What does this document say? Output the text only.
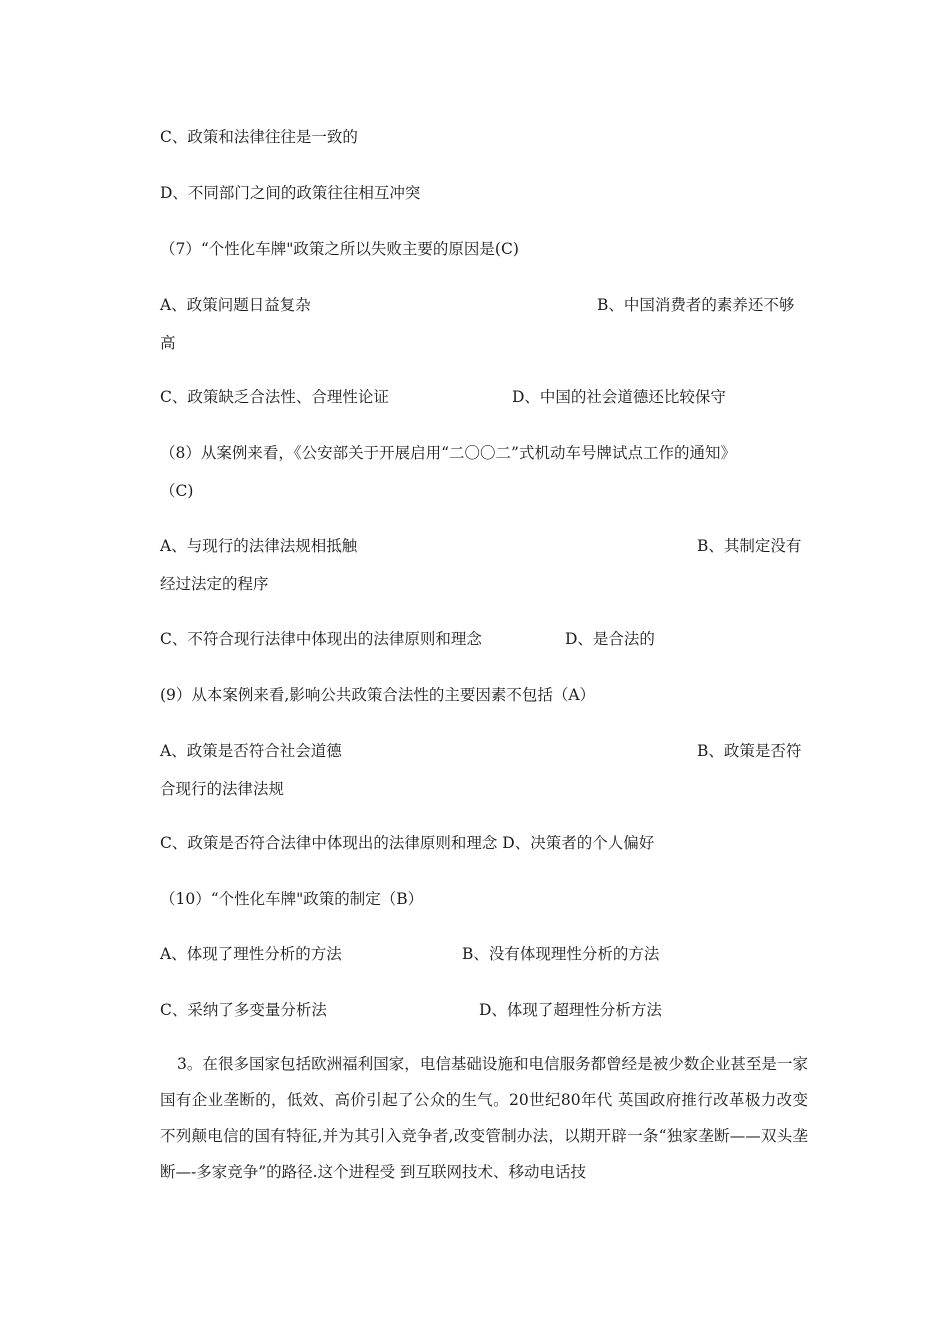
C、政策和法律往往是一致的
D、不同部门之间的政策往往相互冲突
（7）“个性化车牌"政策之所以失败主要的原因是(C)
A、政策问题日益复杂	B、中国消费者的素养还不够
高
C、政策缺乏合法性、合理性论证	D、中国的社会道德还比较保守
（8）从案例来看，《公安部关于开展启用“二〇〇二”式机动车号牌试点工作的通知》
（C)
A、与现行的法律法规相抵触	B、其制定没有
经过法定的程序
C、不符合现行法律中体现出的法律原则和理念	D、是合法的
(9）从本案例来看,影响公共政策合法性的主要因素不包括（A）
A、政策是否符合社会道德	B、政策是否符
合现行的法律法规
C、政策是否符合法律中体现出的法律原则和理念 D、决策者的个人偏好
（10）“个性化车牌"政策的制定（B）
A、体现了理性分析的方法	B、没有体现理性分析的方法
C、采纳了多变量分析法	D、体现了超理性分析方法
3。在很多国家包括欧洲福利国家，电信基础设施和电信服务都曾经是被少数企业甚至是一家国有企业垄断的，低效、高价引起了公众的生气。20世纪80年代 英国政府推行改革极力改变不列颠电信的国有特征,并为其引入竞争者,改变管制办法，以期开辟一条“独家垄断——双头垄断—-多家竞争”的路径.这个进程受 到互联网技术、移动电话技
